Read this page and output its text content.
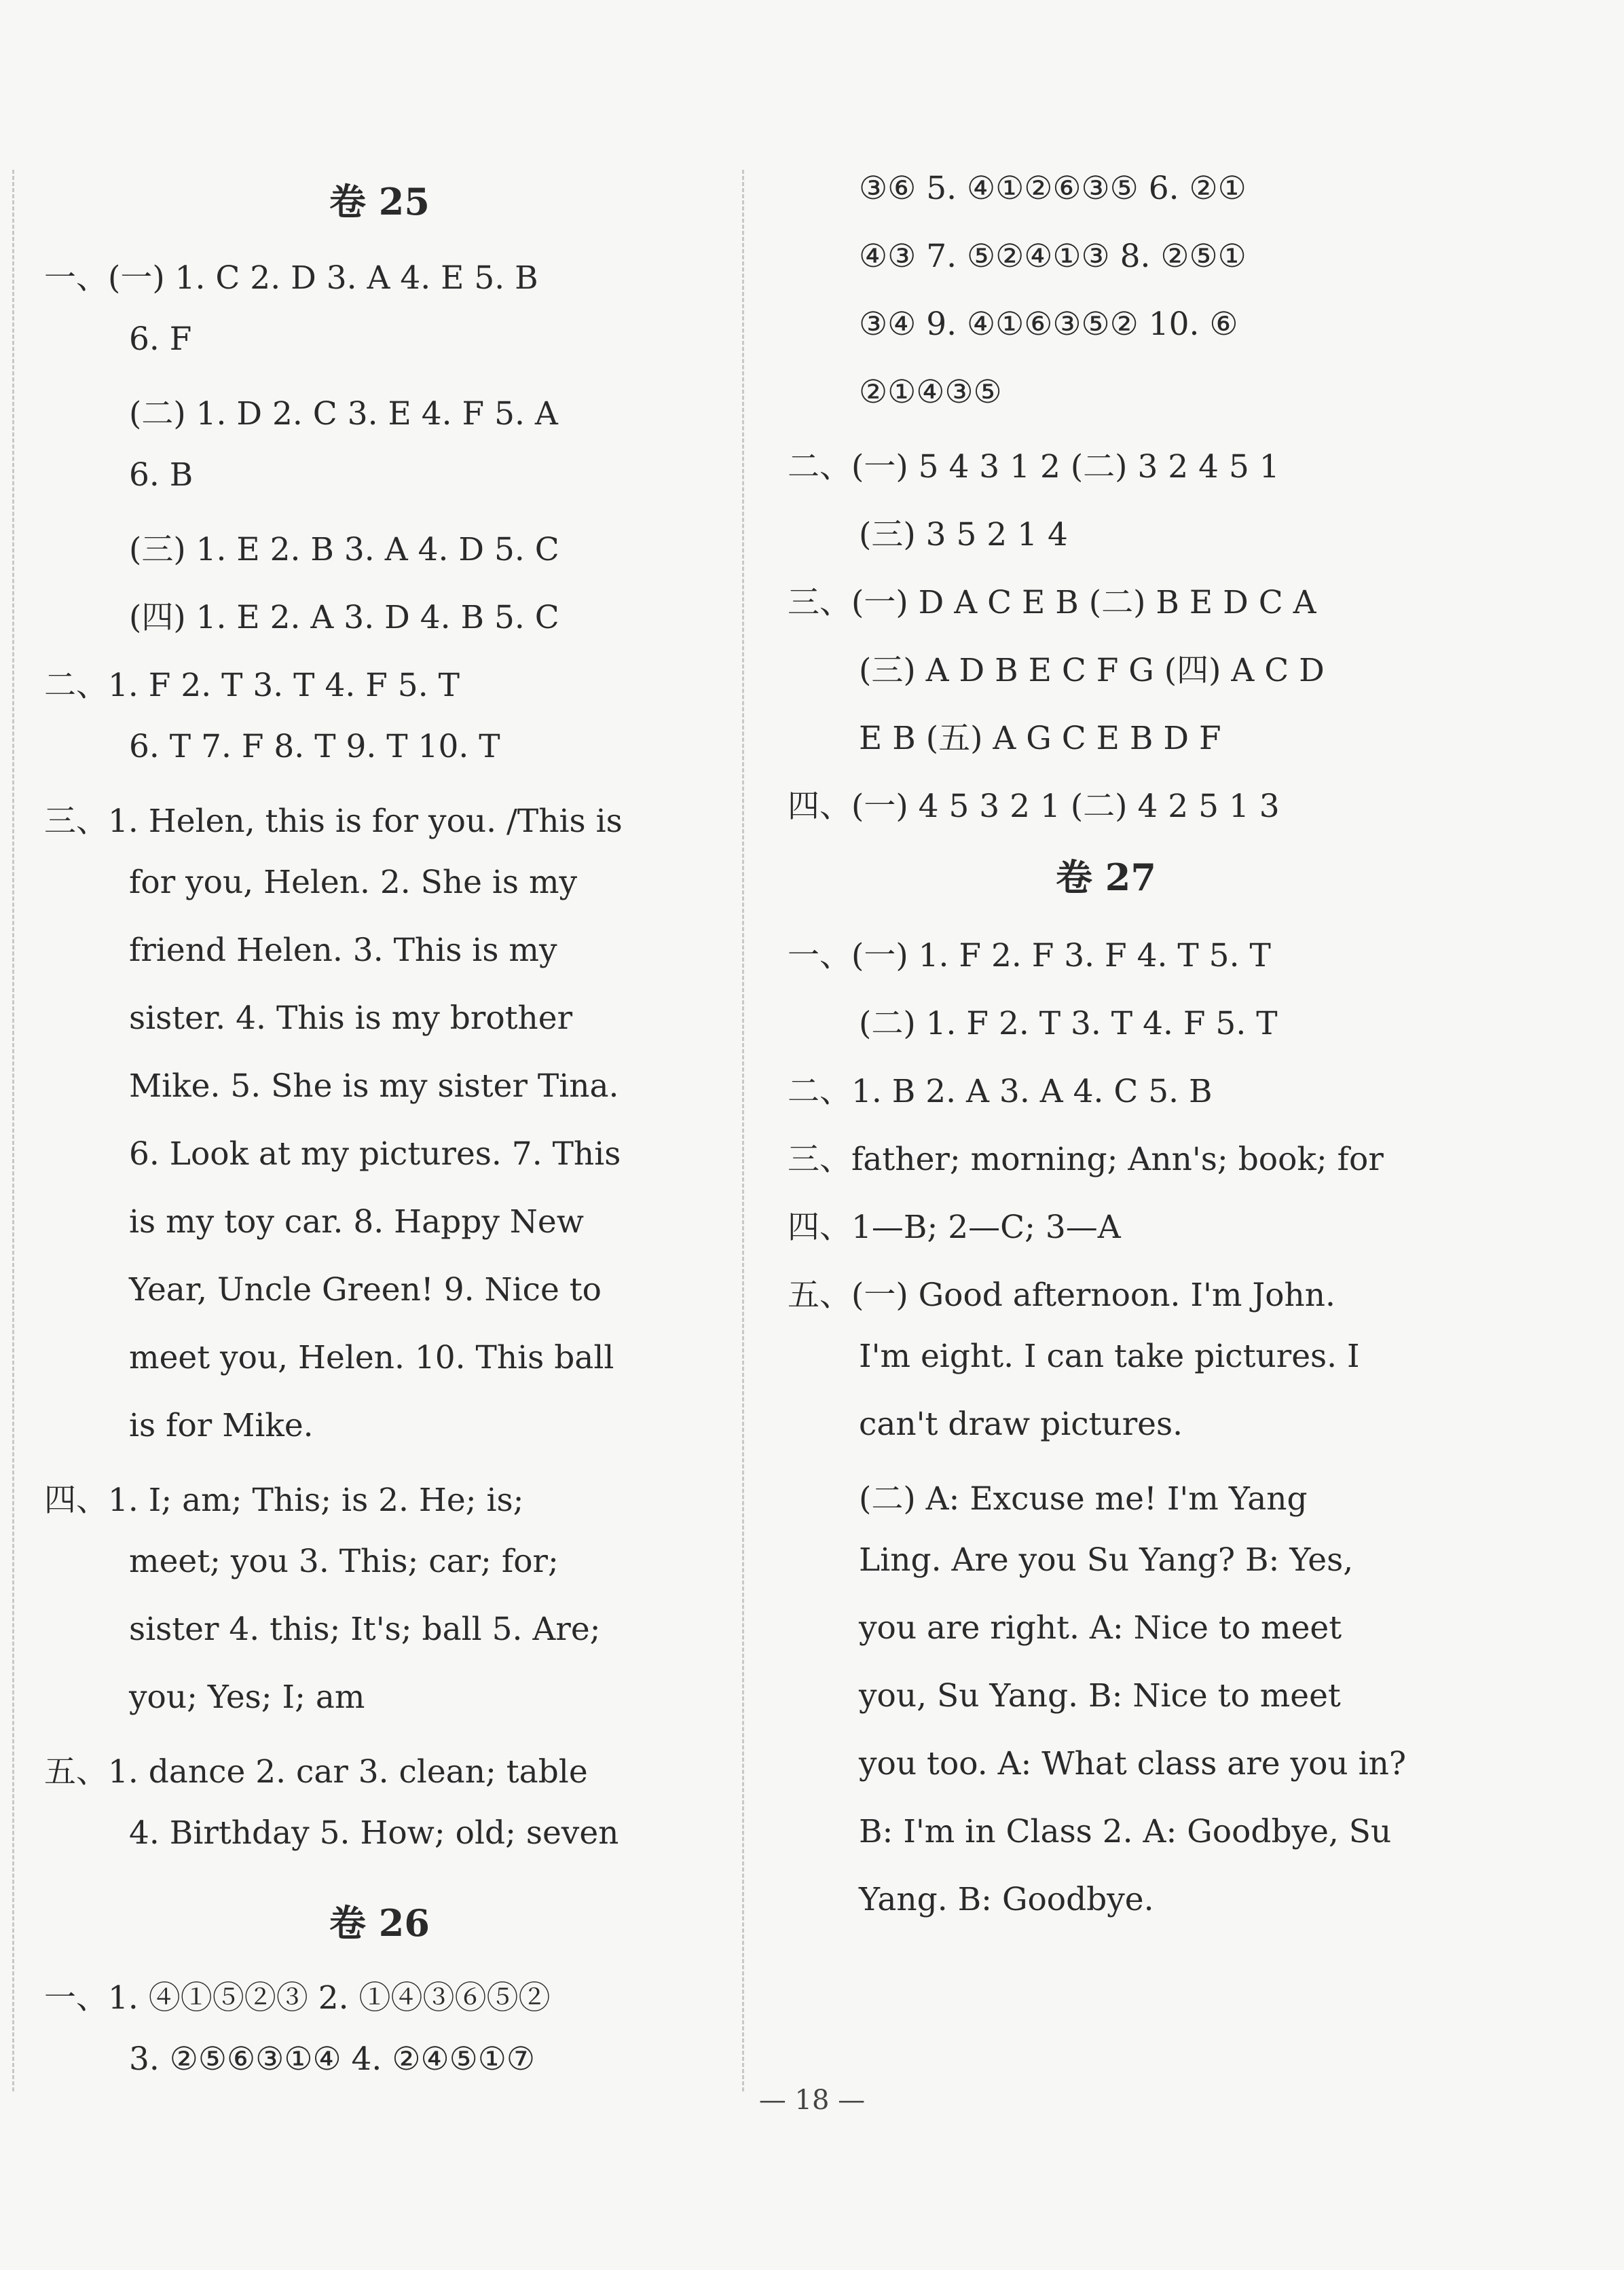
卷 25
一、(一) 1. C 2. D 3. A 4. E 5. B
6. F
(二) 1. D 2. C 3. E 4. F 5. A
6. B
(三) 1. E 2. B 3. A 4. D 5. C
(四) 1. E 2. A 3. D 4. B 5. C
二、1. F 2. T 3. T 4. F 5. T
6. T 7. F 8. T 9. T 10. T
三、1. Helen, this is for you. /This is
for you, Helen. 2. She is my
friend Helen. 3. This is my
sister. 4. This is my brother
Mike. 5. She is my sister Tina.
6. Look at my pictures. 7. This
is my toy car. 8. Happy New
Year, Uncle Green! 9. Nice to
meet you, Helen. 10. This ball
is for Mike.
四、1. I; am; This; is 2. He; is;
meet; you 3. This; car; for;
sister 4. this; It's; ball 5. Are;
you; Yes; I; am
五、1. dance 2. car 3. clean; table
4. Birthday 5. How; old; seven
卷 26
一、1. ④①⑤②③ 2. ①④③⑥⑤②
3. ②⑤⑥③①④ 4. ②④⑤①⑦
③⑥ 5. ④①②⑥③⑤ 6. ②①
④③ 7. ⑤②④①③ 8. ②⑤①
③④ 9. ④①⑥③⑤② 10. ⑥
②①④③⑤
二、(一) 5 4 3 1 2 (二) 3 2 4 5 1
(三) 3 5 2 1 4
三、(一) D A C E B (二) B E D C A
(三) A D B E C F G (四) A C D
E B (五) A G C E B D F
四、(一) 4 5 3 2 1 (二) 4 2 5 1 3
卷 27
一、(一) 1. F 2. F 3. F 4. T 5. T
(二) 1. F 2. T 3. T 4. F 5. T
二、1. B 2. A 3. A 4. C 5. B
三、father; morning; Ann's; book; for
四、1—B; 2—C; 3—A
五、(一) Good afternoon. I'm John.
I'm eight. I can take pictures. I
can't draw pictures.
(二) A: Excuse me! I'm Yang
Ling. Are you Su Yang? B: Yes,
you are right. A: Nice to meet
you, Su Yang. B: Nice to meet
you too. A: What class are you in?
B: I'm in Class 2. A: Goodbye, Su
Yang. B: Goodbye.
— 18 —
